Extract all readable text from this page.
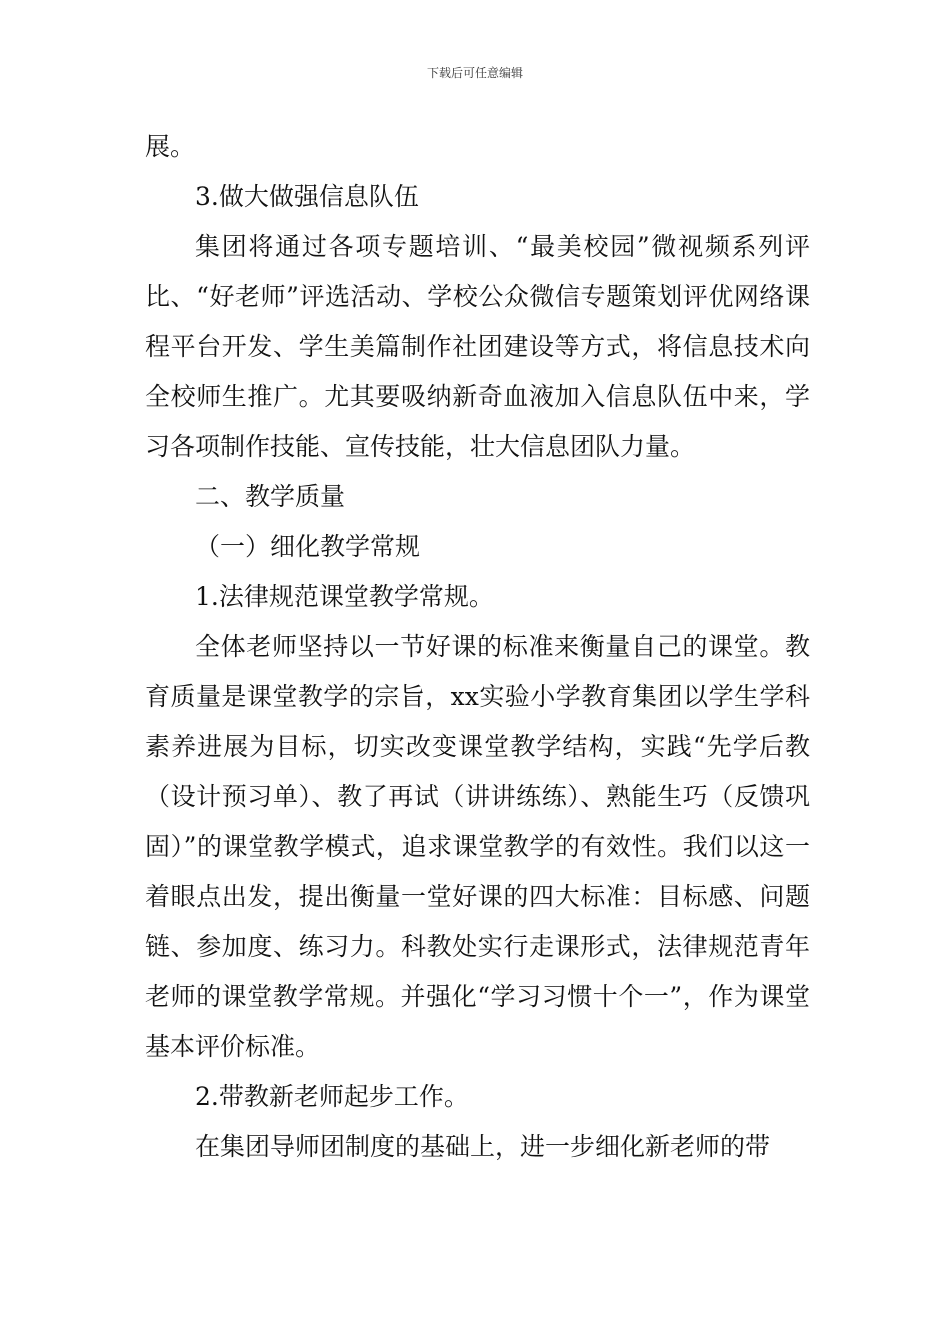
下载后可任意编辑

展。

3.做大做强信息队伍

集团将通过各项专题培训、“最美校园”微视频系列评比、“好老师”评选活动、学校公众微信专题策划评优网络课程平台开发、学生美篇制作社团建设等方式，将信息技术向全校师生推广。尤其要吸纳新奇血液加入信息队伍中来，学习各项制作技能、宣传技能，壮大信息团队力量。

二、教学质量

（一）细化教学常规

1.法律规范课堂教学常规。

全体老师坚持以一节好课的标准来衡量自己的课堂。教育质量是课堂教学的宗旨，xx实验小学教育集团以学生学科素养进展为目标，切实改变课堂教学结构，实践“先学后教（设计预习单）、教了再试（讲讲练练）、熟能生巧（反馈巩固）”的课堂教学模式，追求课堂教学的有效性。我们以这一着眼点出发，提出衡量一堂好课的四大标准：目标感、问题链、参加度、练习力。科教处实行走课形式，法律规范青年老师的课堂教学常规。并强化“学习习惯十个一”，作为课堂基本评价标准。

2.带教新老师起步工作。

在集团导师团制度的基础上，进一步细化新老师的带
